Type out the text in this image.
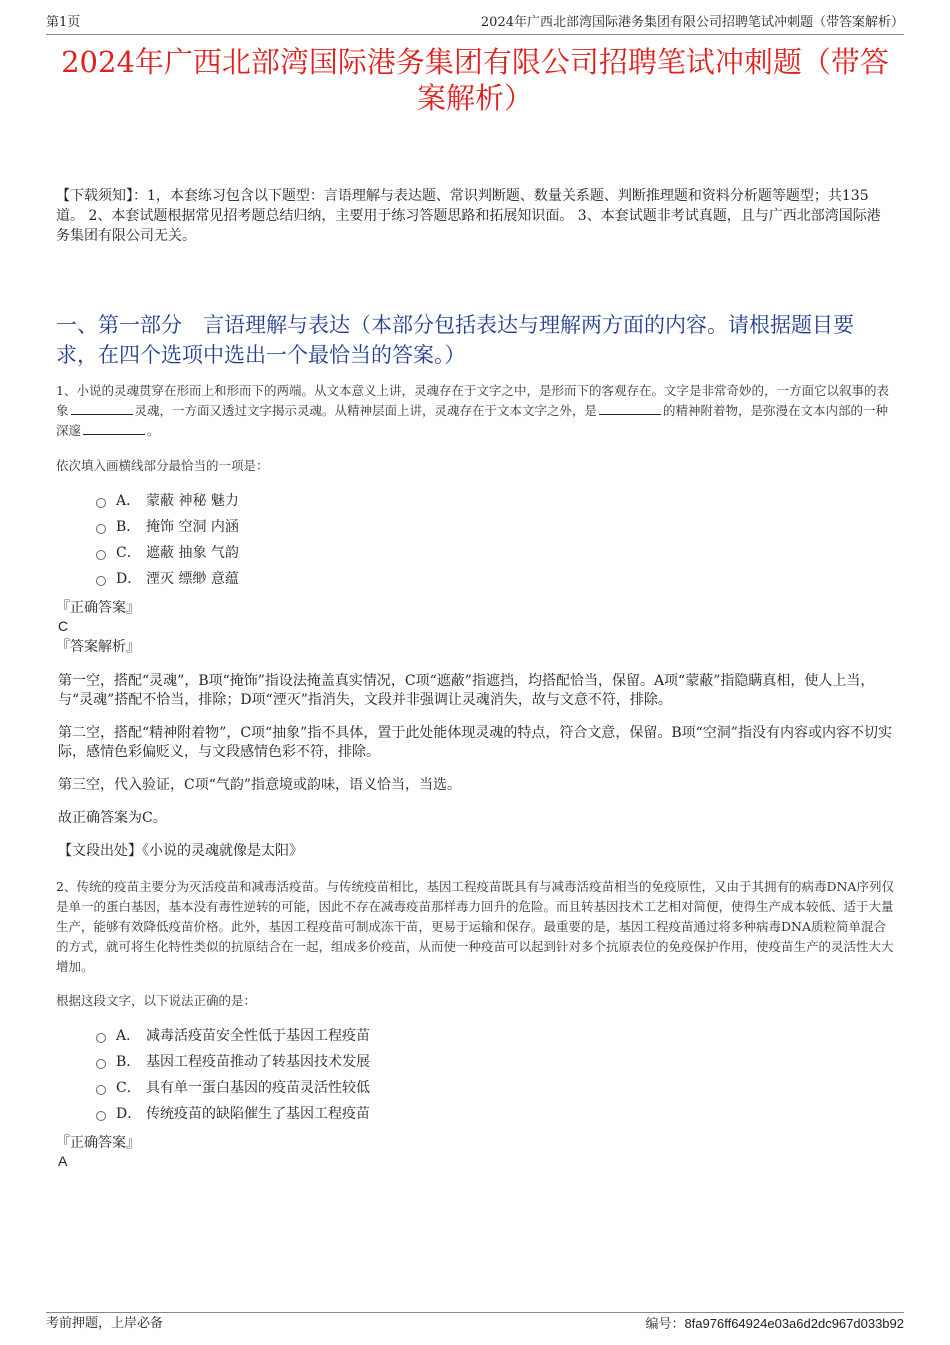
第1页	2024年广西北部湾国际港务集团有限公司招聘笔试冲刺题（带答案解析）
2024年广西北部湾国际港务集团有限公司招聘笔试冲刺题（带答案解析）
【下载须知】：1，本套练习包含以下题型：言语理解与表达题、常识判断题、数量关系题、判断推理题和资料分析题等题型；共135道。 2、本套试题根据常见招考题总结归纳，主要用于练习答题思路和拓展知识面。 3、本套试题非考试真题，且与广西北部湾国际港务集团有限公司无关。
一、第一部分　言语理解与表达（本部分包括表达与理解两方面的内容。请根据题目要求，在四个选项中选出一个最恰当的答案。）
1、小说的灵魂贯穿在形而上和形而下的两端。从文本意义上讲，灵魂存在于文字之中，是形而下的客观存在。文字是非常奇妙的，一方面它以叙事的表象	灵魂，一方面又透过文字揭示灵魂。从精神层面上讲，灵魂存在于文本文字之外，是	的精神附着物，是弥漫在文本内部的一种深邃	。
依次填入画横线部分最恰当的一项是：
A． 蒙蔽 神秘 魅力
B． 掩饰 空洞 内涵
C． 遮蔽 抽象 气韵
D． 湮灭 缥缈 意蕴
『正确答案』
C
『答案解析』

第一空，搭配“灵魂”，B项“掩饰”指设法掩盖真实情况，C项“遮蔽”指遮挡，均搭配恰当，保留。A项“蒙蔽”指隐瞒真相，使人上当，与“灵魂”搭配不恰当，排除；D项“湮灭”指消失，文段并非强调让灵魂消失，故与文意不符，排除。

第二空，搭配“精神附着物”，C项“抽象”指不具体，置于此处能体现灵魂的特点，符合文意，保留。B项“空洞”指没有内容或内容不切实际，感情色彩偏贬义，与文段感情色彩不符，排除。

第三空，代入验证，C项“气韵”指意境或韵味，语义恰当，当选。

故正确答案为C。

【文段出处】《小说的灵魂就像是太阳》
2、传统的疫苗主要分为灭活疫苗和减毒活疫苗。与传统疫苗相比，基因工程疫苗既具有与减毒活疫苗相当的免疫原性，又由于其拥有的病毒DNA序列仅是单一的蛋白基因，基本没有毒性逆转的可能，因此不存在减毒疫苗那样毒力回升的危险。而且转基因技术工艺相对简便，使得生产成本较低、适于大量生产，能够有效降低疫苗价格。此外，基因工程疫苗可制成冻干苗，更易于运输和保存。最重要的是，基因工程疫苗通过将多种病毒DNA质粒简单混合的方式，就可将生化特性类似的抗原结合在一起，组成多价疫苗，从而使一种疫苗可以起到针对多个抗原表位的免疫保护作用，使疫苗生产的灵活性大大增加。
根据这段文字，以下说法正确的是：
A． 减毒活疫苗安全性低于基因工程疫苗
B． 基因工程疫苗推动了转基因技术发展
C． 具有单一蛋白基因的疫苗灵活性较低
D． 传统疫苗的缺陷催生了基因工程疫苗
『正确答案』
A
考前押题，上岸必备	编号：8fa976ff64924e03a6d2dc967d033b92
